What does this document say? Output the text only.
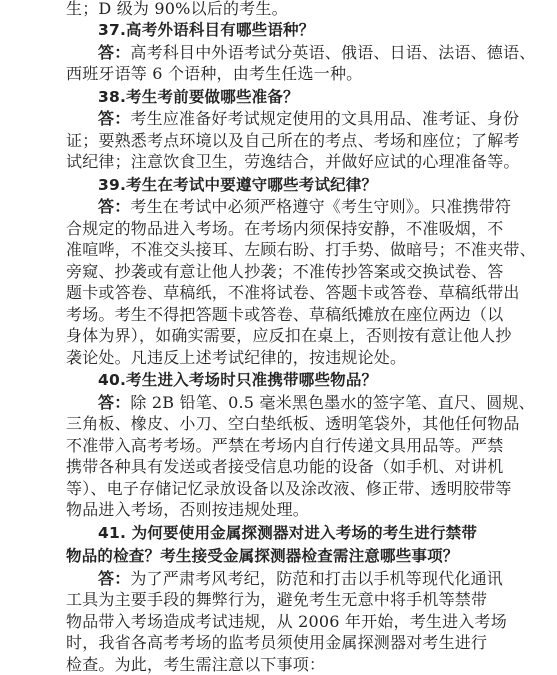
生；D 级为 90%以后的考生。
37.高考外语科目有哪些语种？
答：高考科目中外语考试分英语、俄语、日语、法语、德语、
西班牙语等 6 个语种，由考生任选一种。
38.考生考前要做哪些准备？
答：考生应准备好考试规定使用的文具用品、准考证、身份
证；要熟悉考点环境以及自己所在的考点、考场和座位；了解考
试纪律；注意饮食卫生，劳逸结合，并做好应试的心理准备等。
39.考生在考试中要遵守哪些考试纪律？
答：考生在考试中必须严格遵守《考生守则》。只准携带符
合规定的物品进入考场。在考场内须保持安静，不准吸烟，不
准喧哗，不准交头接耳、左顾右盼、打手势、做暗号；不准夹带、
旁窥、抄袭或有意让他人抄袭；不准传抄答案或交换试卷、答
题卡或答卷、草稿纸，不准将试卷、答题卡或答卷、草稿纸带出
考场。考生不得把答题卡或答卷、草稿纸摊放在座位两边（以
身体为界），如确实需要，应反扣在桌上，否则按有意让他人抄
袭论处。凡违反上述考试纪律的，按违规论处。
40.考生进入考场时只准携带哪些物品？
答：除 2B 铅笔、0.5 毫米黑色墨水的签字笔、直尺、圆规、
三角板、橡皮、小刀、空白垫纸板、透明笔袋外，其他任何物品
不准带入高考考场。严禁在考场内自行传递文具用品等。严禁
携带各种具有发送或者接受信息功能的设备（如手机、对讲机
等）、电子存储记忆录放设备以及涂改液、修正带、透明胶带等
物品进入考场，否则按违规处理。
41. 为何要使用金属探测器对进入考场的考生进行禁带
物品的检查？考生接受金属探测器检查需注意哪些事项？
答：为了严肃考风考纪，防范和打击以手机等现代化通讯
工具为主要手段的舞弊行为，避免考生无意中将手机等禁带
物品带入考场造成考试违规，从 2006 年开始，考生进入考场
时，我省各高考考场的监考员须使用金属探测器对考生进行
检查。为此，考生需注意以下事项：
